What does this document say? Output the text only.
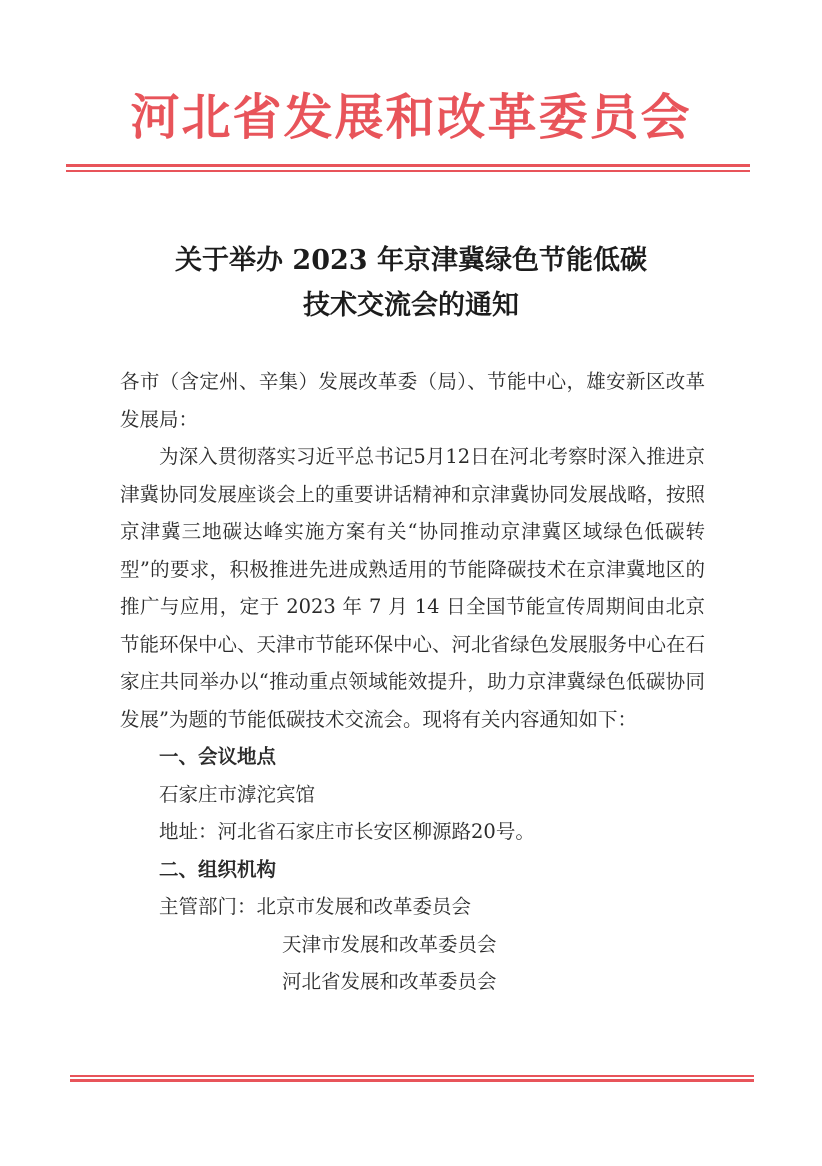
河北省发展和改革委员会
关于举办 2023 年京津冀绿色节能低碳
技术交流会的通知

各市（含定州、辛集）发展改革委（局）、节能中心，雄安新区改革发展局：

为深入贯彻落实习近平总书记5月12日在河北考察时深入推进京津冀协同发展座谈会上的重要讲话精神和京津冀协同发展战略，按照京津冀三地碳达峰实施方案有关“协同推动京津冀区域绿色低碳转型”的要求，积极推进先进成熟适用的节能降碳技术在京津冀地区的推广与应用，定于 2023 年 7 月 14 日全国节能宣传周期间由北京节能环保中心、天津市节能环保中心、河北省绿色发展服务中心在石家庄共同举办以“推动重点领域能效提升，助力京津冀绿色低碳协同发展”为题的节能低碳技术交流会。现将有关内容通知如下：

一、会议地点

石家庄市滹沱宾馆

地址：河北省石家庄市长安区柳源路20号。

二、组织机构

主管部门：北京市发展和改革委员会

天津市发展和改革委员会

河北省发展和改革委员会
